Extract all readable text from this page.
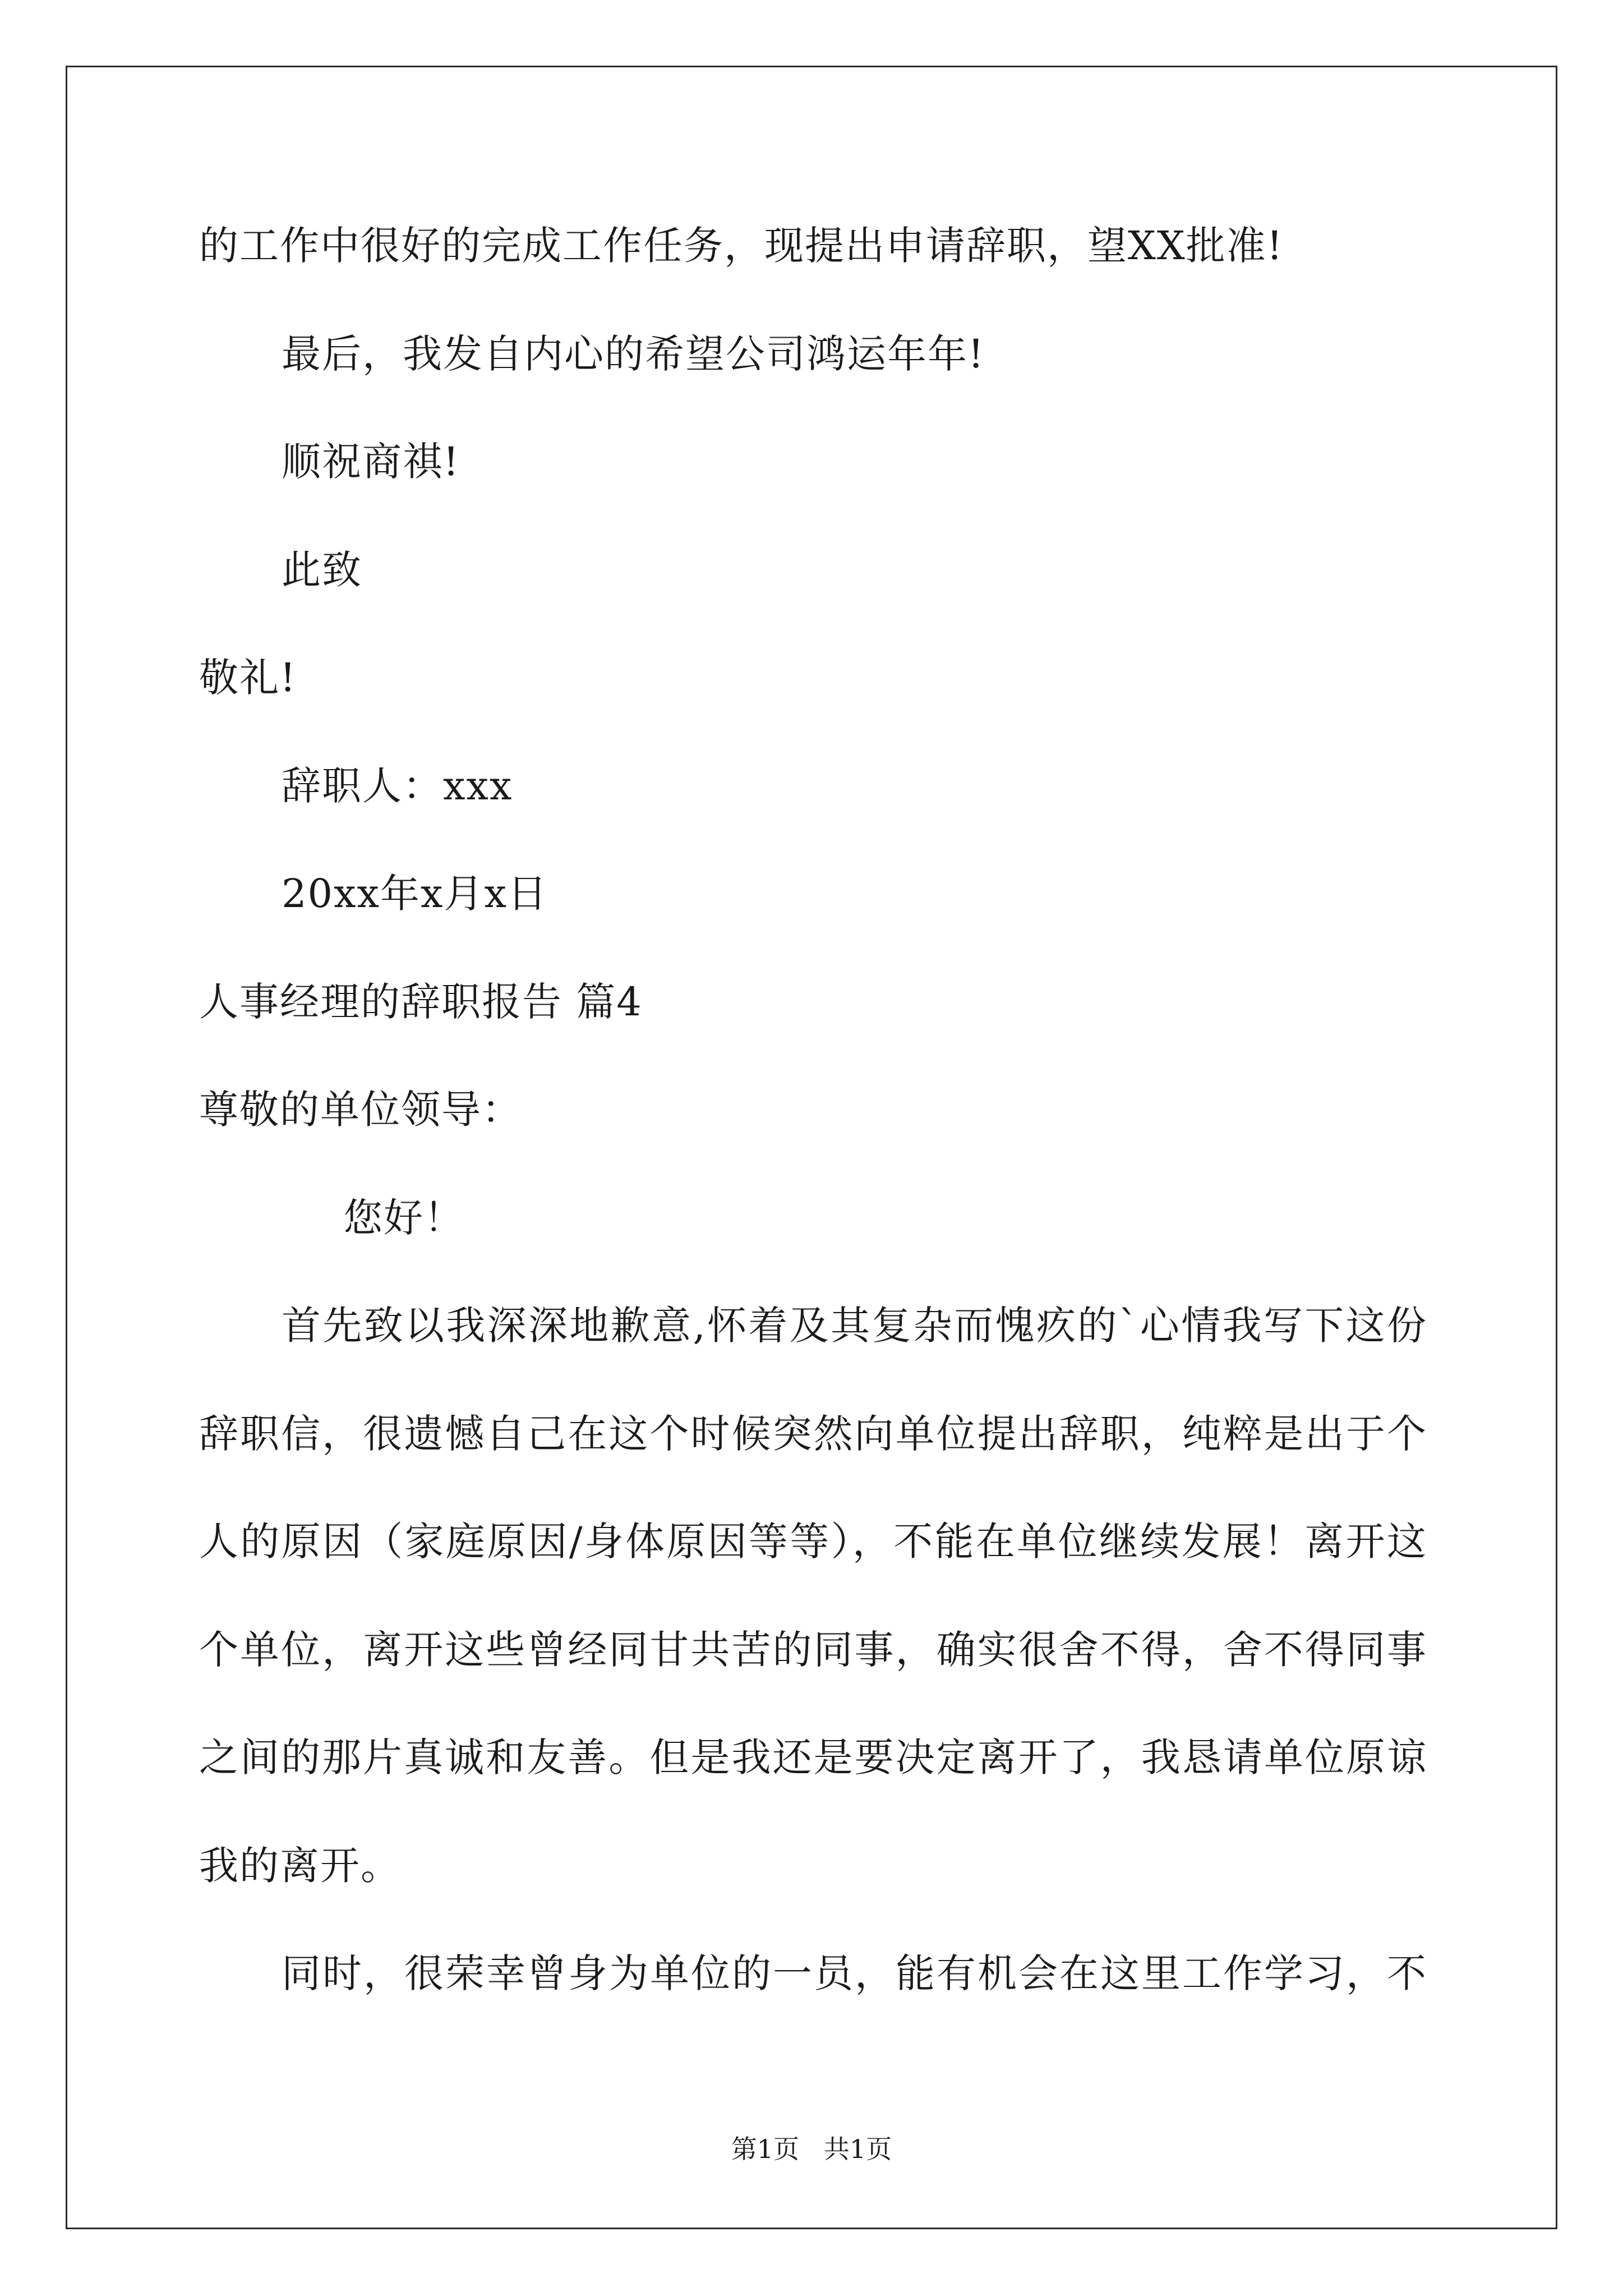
的工作中很好的完成工作任务，现提出申请辞职，望XX批准!
最后，我发自内心的希望公司鸿运年年!
顺祝商祺!
此致
敬礼!
辞职人：xxx
20xx年x月x日
人事经理的辞职报告 篇4
尊敬的单位领导：
您好！
首先致以我深深地歉意,怀着及其复杂而愧疚的`心情我写下这份
辞职信，很遗憾自己在这个时候突然向单位提出辞职，纯粹是出于个
人的原因（家庭原因/身体原因等等），不能在单位继续发展！离开这
个单位，离开这些曾经同甘共苦的同事，确实很舍不得，舍不得同事
之间的那片真诚和友善。但是我还是要决定离开了，我恳请单位原谅
我的离开。
同时，很荣幸曾身为单位的一员，能有机会在这里工作学习，不
第1页   共1页
